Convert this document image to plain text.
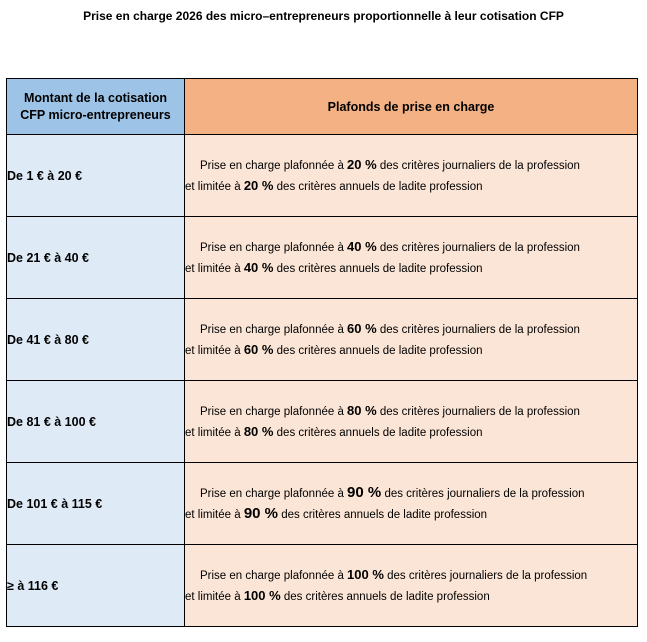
Prise en charge 2026 des micro–entrepreneurs proportionnelle à leur cotisation CFP
Montant de la cotisation
CFP micro-entrepreneurs	Plafonds de prise en charge
De 1 € à 20 €	Prise en charge plafonnée à 20 % des critères journaliers de la profession
et limitée à 20 % des critères annuels de ladite profession

De 21 € à 40 €	Prise en charge plafonnée à 40 % des critères journaliers de la profession
et limitée à 40 % des critères annuels de ladite profession

De 41 € à 80 €	Prise en charge plafonnée à 60 % des critères journaliers de la profession
et limitée à 60 % des critères annuels de ladite profession

De 81 € à 100 €	Prise en charge plafonnée à 80 % des critères journaliers de la profession
et limitée à 80 % des critères annuels de ladite profession

De 101 € à 115 €	Prise en charge plafonnée à 90 % des critères journaliers de la profession
et limitée à 90 % des critères annuels de ladite profession

≥ à 116 €	Prise en charge plafonnée à 100 % des critères journaliers de la profession
et limitée à 100 % des critères annuels de ladite profession
